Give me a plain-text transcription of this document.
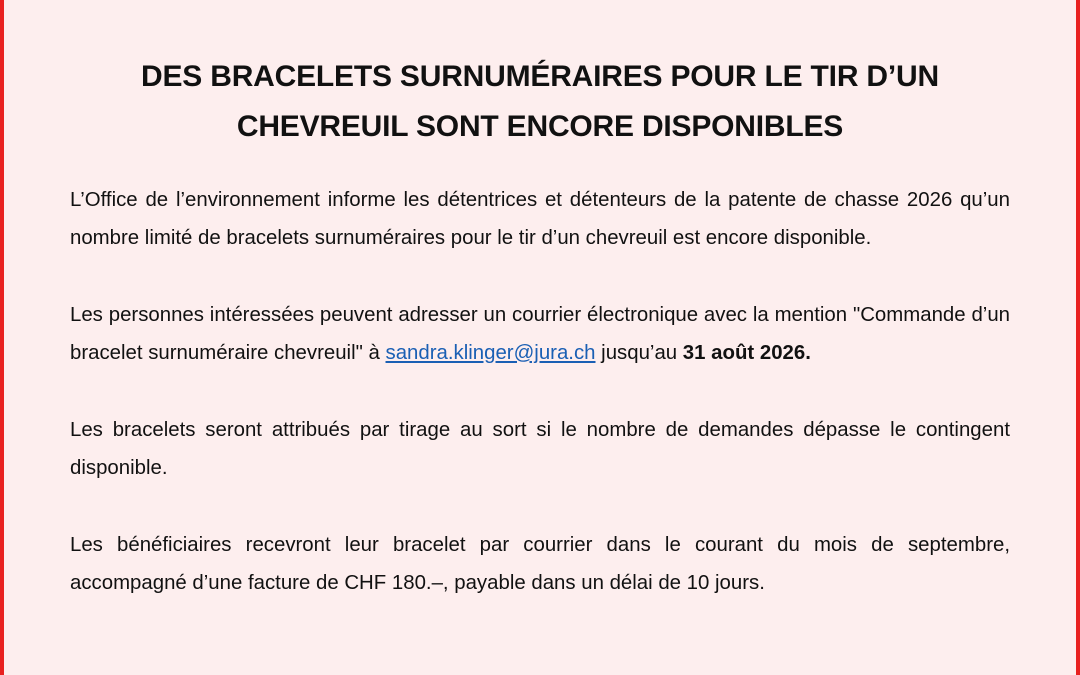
DES BRACELETS SURNUMÉRAIRES POUR LE TIR D’UN
CHEVREUIL SONT ENCORE DISPONIBLES

L’Office de l’environnement informe les détentrices et détenteurs de la patente de chasse 2026 qu’un nombre limité de bracelets surnuméraires pour le tir d’un chevreuil est encore disponible.

Les personnes intéressées peuvent adresser un courrier électronique avec la mention "Commande d’un bracelet surnuméraire chevreuil" à sandra.klinger@jura.ch jusqu’au 31 août 2026.

Les bracelets seront attribués par tirage au sort si le nombre de demandes dépasse le contingent disponible.

Les bénéficiaires recevront leur bracelet par courrier dans le courant du mois de septembre, accompagné d’une facture de CHF 180.–, payable dans un délai de 10 jours.
